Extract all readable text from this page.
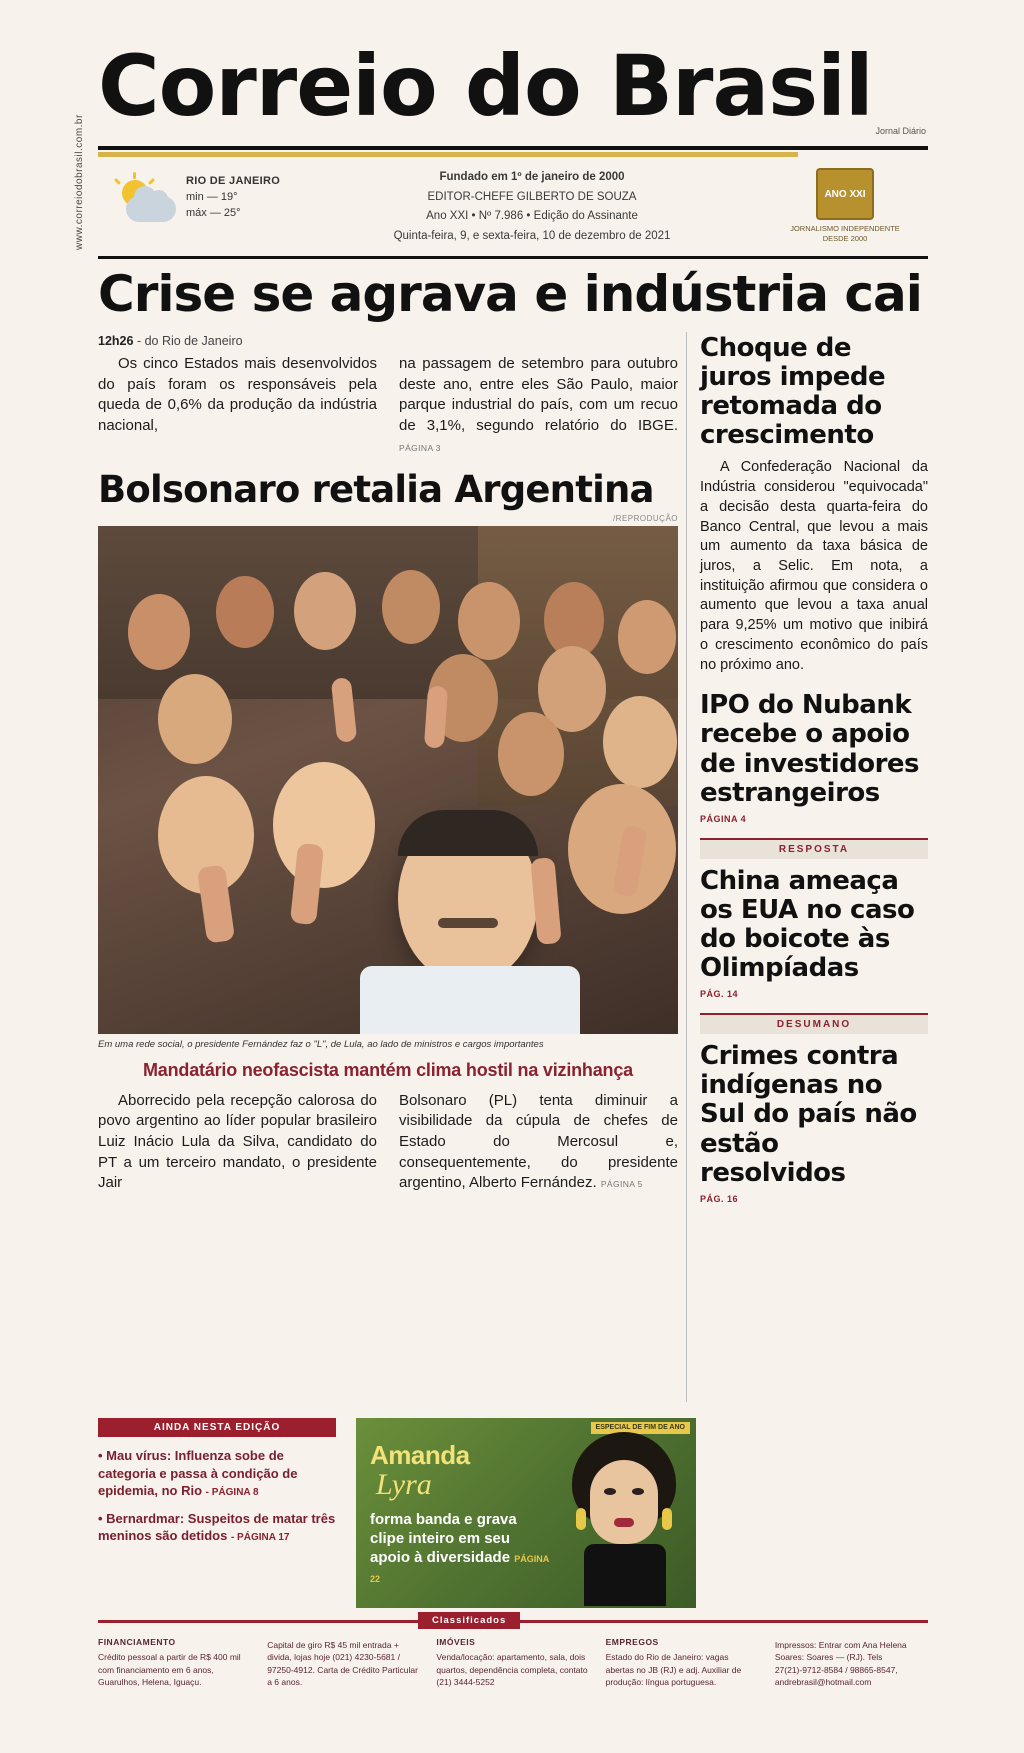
www.correiodobrasil.com.br
Correio do Brasil Jornal Diário
RIO DE JANEIRO
min — 19°
máx — 25°
Fundado em 1º de janeiro de 2000
EDITOR-CHEFE GILBERTO DE SOUZA
Ano XXI • Nº 7.986 • Edição do Assinante
Quinta-feira, 9, e sexta-feira, 10 de dezembro de 2021
ANO XXI
JORNALISMO INDEPENDENTE DESDE 2000
Crise se agrava e indústria cai
12h26 - do Rio de Janeiro

Os cinco Estados mais desenvolvidos do país foram os responsáveis pela queda de 0,6% da produção da indústria nacional,

na passagem de setembro para outubro deste ano, entre eles São Paulo, maior parque industrial do país, com um recuo de 3,1%, segundo relatório do IBGE. PÁGINA 3

Bolsonaro retalia Argentina
/REPRODUÇÃO
Em uma rede social, o presidente Fernández faz o "L", de Lula, ao lado de ministros e cargos importantes
Mandatário neofascista mantém clima hostil na vizinhança

Aborrecido pela recepção calorosa do povo argentino ao líder popular brasileiro Luiz Inácio Lula da Silva, candidato do PT a um terceiro mandato, o presidente Jair

Bolsonaro (PL) tenta diminuir a visibilidade da cúpula de chefes de Estado do Mercosul e, consequentemente, do presidente argentino, Alberto Fernández. PÁGINA 5

Choque de juros impede retomada do crescimento
A Confederação Nacional da Indústria considerou "equivocada" a decisão desta quarta-feira do Banco Central, que levou a mais um aumento da taxa básica de juros, a Selic. Em nota, a instituição afirmou que considera o aumento que levou a taxa anual para 9,25% um motivo que inibirá o crescimento econômico do país no próximo ano.
IPO do Nubank recebe o apoio de investidores estrangeiros
PÁGINA 4
RESPOSTA
China ameaça os EUA no caso do boicote às Olimpíadas
PÁG. 14
DESUMANO
Crimes contra indígenas no Sul do país não estão resolvidos
PÁG. 16
AINDA NESTA EDIÇÃO
• Mau vírus: Influenza sobe de categoria e passa à condição de epidemia, no Rio - PÁGINA 8
• Bernardmar: Suspeitos de matar três meninos são detidos - PÁGINA 17
ESPECIAL DE FIM DE ANO
Amanda
Lyra
forma banda e grava clipe inteiro em seu apoio à diversidade PÁGINA 22
Classificados
FINANCIAMENTO
Crédito pessoal a partir de R$ 400 mil com financiamento em 6 anos, Guarulhos, Helena, Iguaçu.
Capital de giro R$ 45 mil entrada + divida, lojas hoje (021) 4230-5681 / 97250-4912. Carta de Crédito Particular a 6 anos.
IMÓVEIS
Venda/locação: apartamento, sala, dois quartos, dependência completa, contato (21) 3444-5252
EMPREGOS
Estado do Rio de Janeiro: vagas abertas no JB (RJ) e adj. Auxiliar de produção: língua portuguesa.
Impressos: Entrar com Ana Helena Soares: Soares — (RJ). Tels 27(21)-9712-8584 / 98865-8547, andrebrasil@hotmail.com
